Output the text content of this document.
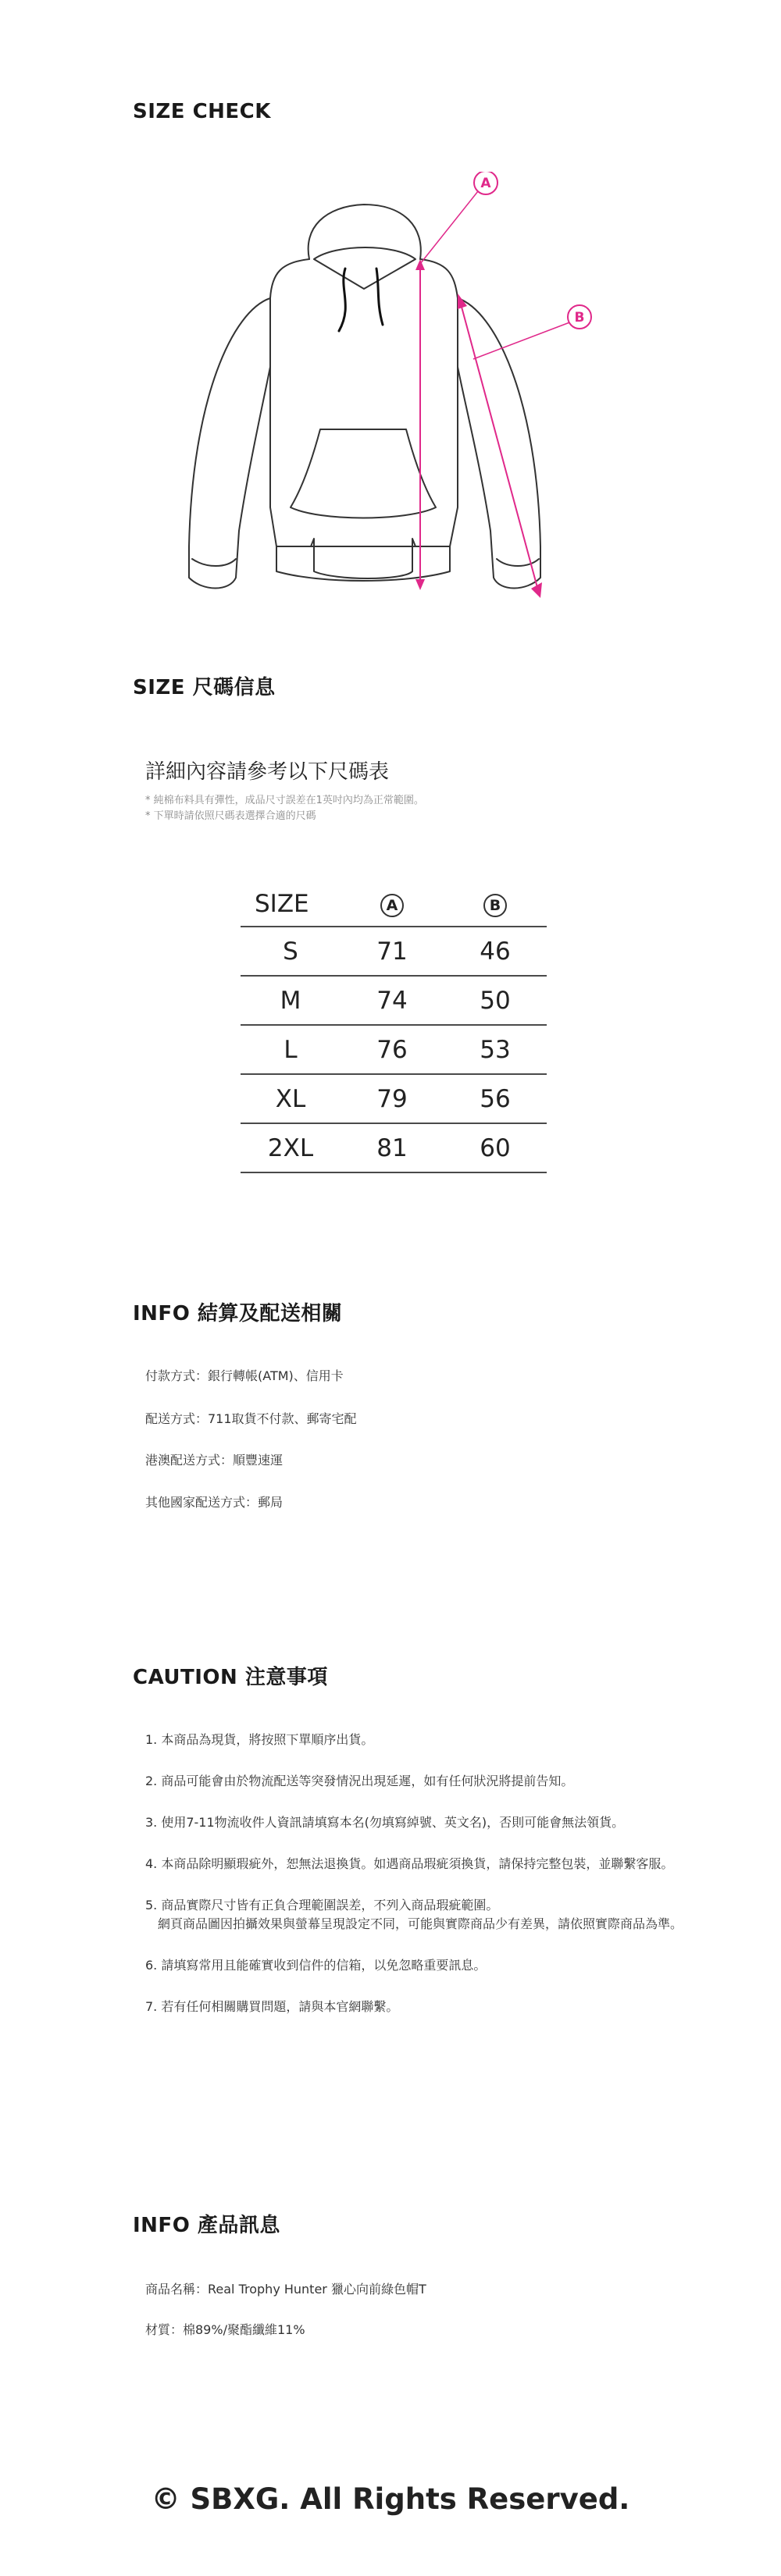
SIZE CHECK
A
B
SIZE 尺碼信息

詳細內容請參考以下尺碼表

* 純棉布料具有彈性，成品尺寸誤差在1英吋內均為正常範圍。
* 下單時請依照尺碼表選擇合適的尺碼
SIZE	A	B
S	71	46
M	74	50
L	76	53
XL	79	56
2XL	81	60
INFO 結算及配送相關

付款方式：銀行轉帳(ATM)、信用卡

配送方式：711取貨不付款、郵寄宅配

港澳配送方式：順豐速運

其他國家配送方式：郵局

CAUTION 注意事項
1. 本商品為現貨，將按照下單順序出貨。
2. 商品可能會由於物流配送等突發情況出現延遲，如有任何狀況將提前告知。
3. 使用7-11物流收件人資訊請填寫本名(勿填寫綽號、英文名)，否則可能會無法領貨。
4. 本商品除明顯瑕疵外，恕無法退換貨。如遇商品瑕疵須換貨，請保持完整包裝，並聯繫客服。
5. 商品實際尺寸皆有正負合理範圍誤差，不列入商品瑕疵範圍。
網頁商品圖因拍攝效果與螢幕呈現設定不同，可能與實際商品少有差異，請依照實際商品為準。
6. 請填寫常用且能確實收到信件的信箱，以免忽略重要訊息。
7. 若有任何相關購買問題，請與本官網聯繫。
INFO 產品訊息

商品名稱：Real Trophy Hunter 獵心向前綠色帽T

材質：棉89%/聚酯纖維11%

© SBXG. All Rights Reserved.
